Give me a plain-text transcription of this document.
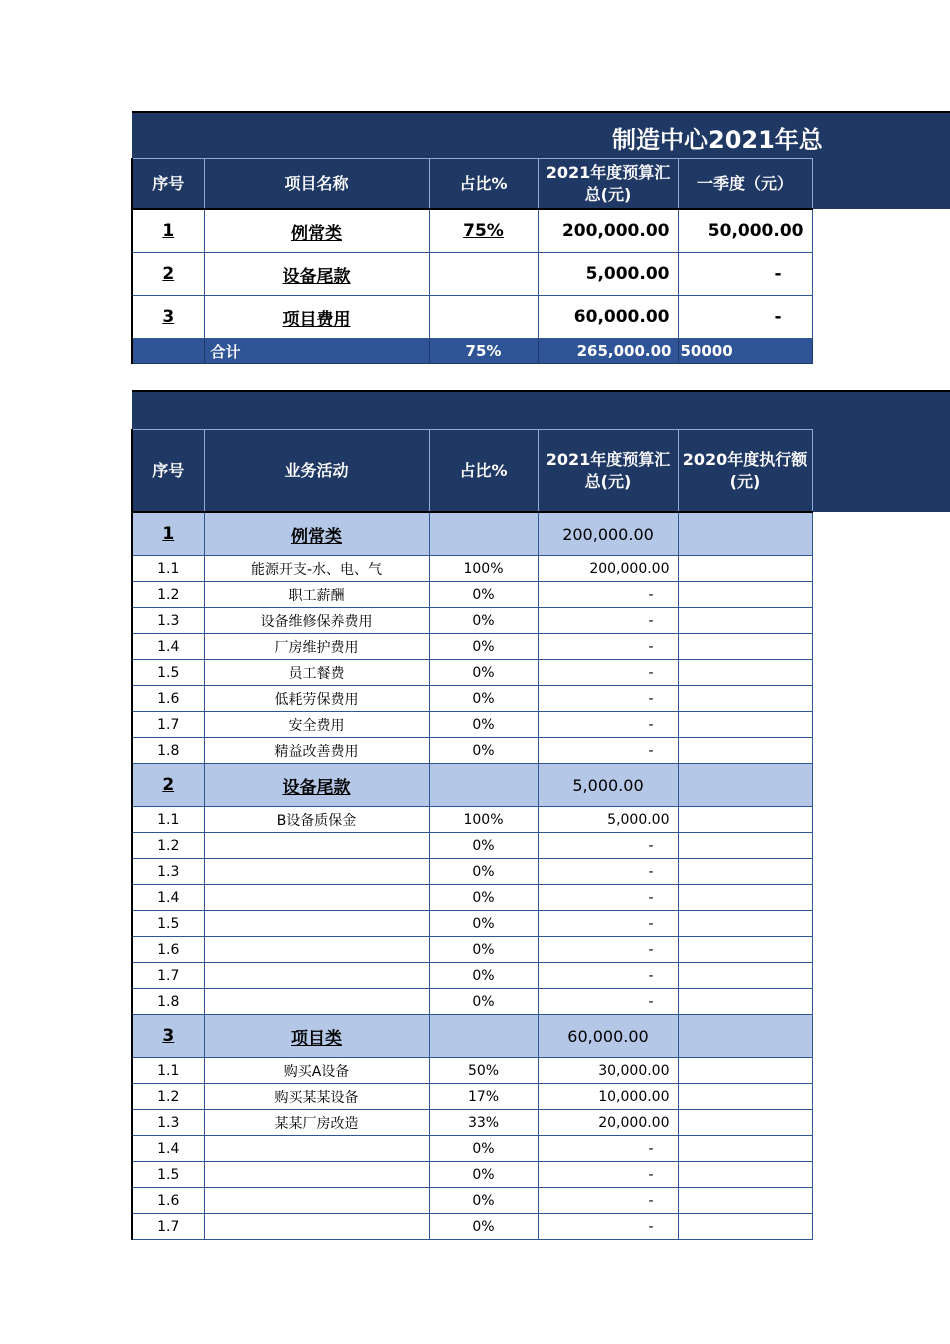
制造中心2021年总
序号	项目名称	占比%	2021年度预算汇总(元)	一季度（元）
1	例常类	75%	200,000.00	50,000.00
2	设备尾款		5,000.00	-
3	项目费用		60,000.00	-
	合计	75%	265,000.00	50000
序号	业务活动	占比%	2021年度预算汇总(元)	2020年度执行额(元)
1	例常类		200,000.00	
1.1	能源开支-水、电、气	100%	200,000.00	
1.2	职工薪酬	0%	-	
1.3	设备维修保养费用	0%	-	
1.4	厂房维护费用	0%	-	
1.5	员工餐费	0%	-	
1.6	低耗劳保费用	0%	-	
1.7	安全费用	0%	-	
1.8	精益改善费用	0%	-	
2	设备尾款		5,000.00	
1.1	B设备质保金	100%	5,000.00	
1.2		0%	-	
1.3		0%	-	
1.4		0%	-	
1.5		0%	-	
1.6		0%	-	
1.7		0%	-	
1.8		0%	-	
3	项目类		60,000.00	
1.1	购买A设备	50%	30,000.00	
1.2	购买某某设备	17%	10,000.00	
1.3	某某厂房改造	33%	20,000.00	
1.4		0%	-	
1.5		0%	-	
1.6		0%	-	
1.7		0%	-	
